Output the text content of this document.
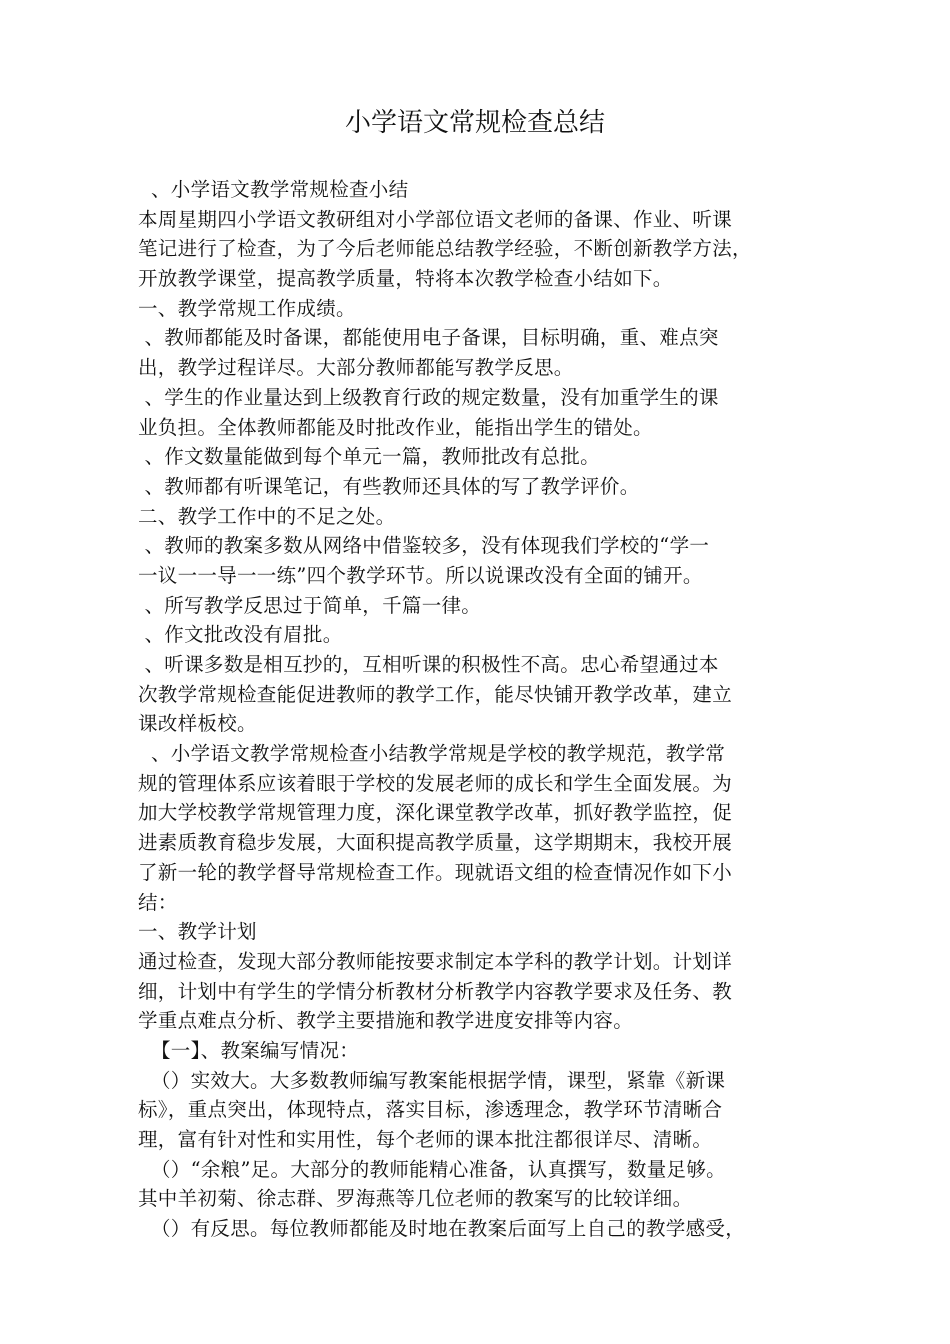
小学语文常规检查总结
、小学语文教学常规检查小结
本周星期四小学语文教研组对小学部位语文老师的备课、作业、听课
笔记进行了检查，为了今后老师能总结教学经验，不断创新教学方法，
开放教学课堂，提高教学质量，特将本次教学检查小结如下。
一、教学常规工作成绩。
、教师都能及时备课，都能使用电子备课，目标明确，重、难点突
出，教学过程详尽。大部分教师都能写教学反思。
、学生的作业量达到上级教育行政的规定数量，没有加重学生的课
业负担。全体教师都能及时批改作业，能指出学生的错处。
、作文数量能做到每个单元一篇，教师批改有总批。
、教师都有听课笔记，有些教师还具体的写了教学评价。
二、教学工作中的不足之处。
、教师的教案多数从网络中借鉴较多，没有体现我们学校的“学一
一议一一导一一练”四个教学环节。所以说课改没有全面的铺开。
、所写教学反思过于简单，千篇一律。
、作文批改没有眉批。
、听课多数是相互抄的，互相听课的积极性不高。忠心希望通过本
次教学常规检查能促进教师的教学工作，能尽快铺开教学改革，建立
课改样板校。
、小学语文教学常规检查小结教学常规是学校的教学规范，教学常
规的管理体系应该着眼于学校的发展老师的成长和学生全面发展。为
加大学校教学常规管理力度，深化课堂教学改革，抓好教学监控，促
进素质教育稳步发展，大面积提高教学质量，这学期期末，我校开展
了新一轮的教学督导常规检查工作。现就语文组的检查情况作如下小
结：
一、教学计划
通过检查，发现大部分教师能按要求制定本学科的教学计划。计划详
细，计划中有学生的学情分析教材分析教学内容教学要求及任务、教
学重点难点分析、教学主要措施和教学进度安排等内容。
【一】、教案编写情况：
（）实效大。大多数教师编写教案能根据学情，课型，紧靠《新课
标》，重点突出，体现特点，落实目标，渗透理念，教学环节清晰合
理，富有针对性和实用性，每个老师的课本批注都很详尽、清晰。
（）“余粮”足。大部分的教师能精心准备，认真撰写，数量足够。
其中羊初菊、徐志群、罗海燕等几位老师的教案写的比较详细。
（）有反思。每位教师都能及时地在教案后面写上自己的教学感受，
